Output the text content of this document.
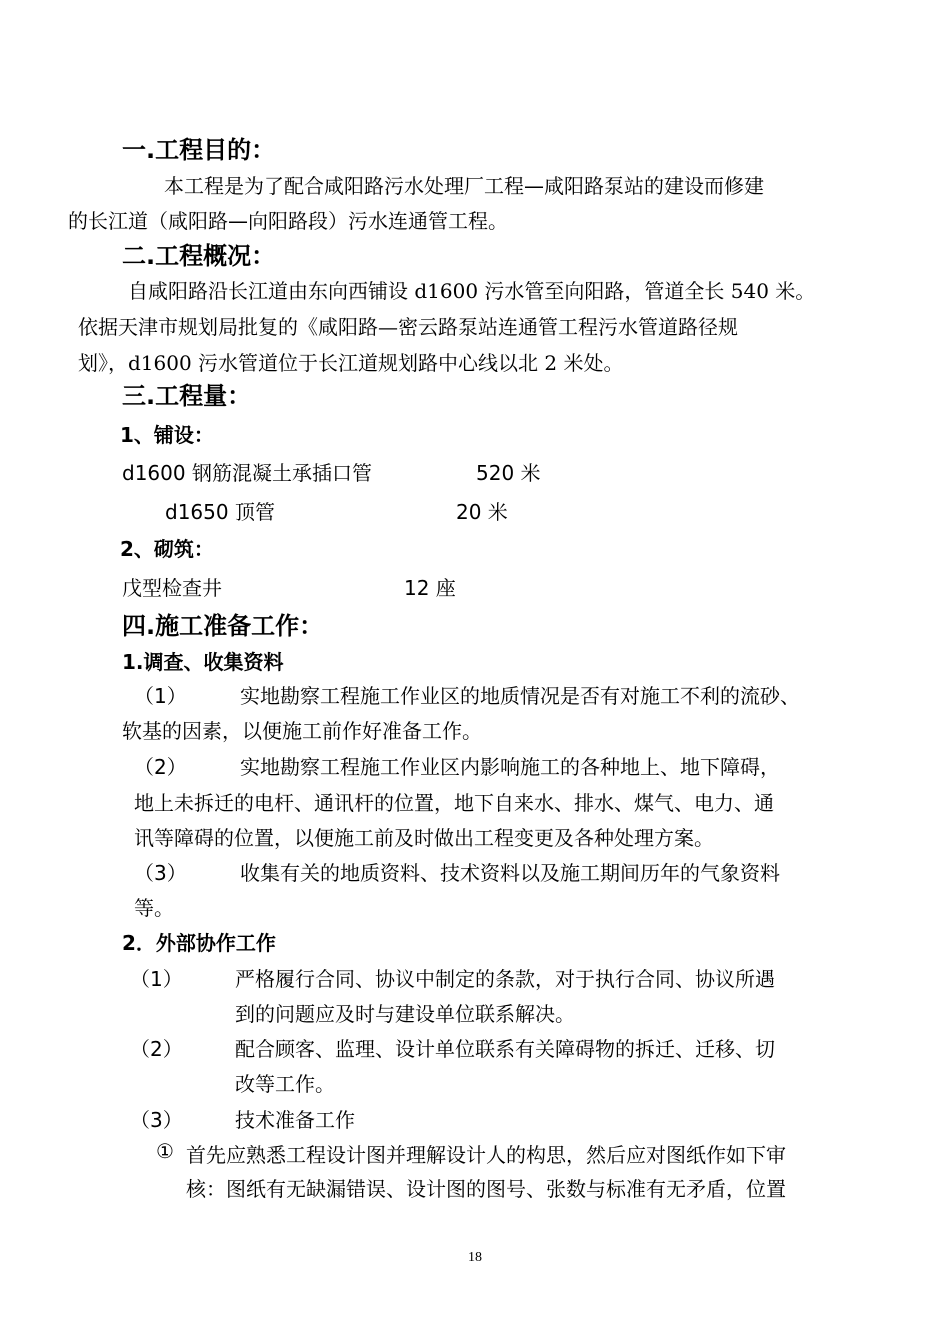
一.工程目的：
本工程是为了配合咸阳路污水处理厂工程—咸阳路泵站的建设而修建
的长江道（咸阳路—向阳路段）污水连通管工程。
二.工程概况：
自咸阳路沿长江道由东向西铺设 d1600 污水管至向阳路，管道全长 540 米。
依据天津市规划局批复的《咸阳路—密云路泵站连通管工程污水管道路径规
划》，d1600 污水管道位于长江道规划路中心线以北 2 米处。
三.工程量：
1、铺设：
d1600 钢筋混凝土承插口管	520 米
d1650 顶管	20 米
2、砌筑：
戊型检查井	12 座
四.施工准备工作：
1.调查、收集资料
（1）	实地勘察工程施工作业区的地质情况是否有对施工不利的流砂、
软基的因素，以便施工前作好准备工作。
（2）	实地勘察工程施工作业区内影响施工的各种地上、地下障碍，
地上未拆迁的电杆、通讯杆的位置，地下自来水、排水、煤气、电力、通
讯等障碍的位置，以便施工前及时做出工程变更及各种处理方案。
（3）	收集有关的地质资料、技术资料以及施工期间历年的气象资料
等。
2．外部协作工作
（1）	严格履行合同、协议中制定的条款，对于执行合同、协议所遇
到的问题应及时与建设单位联系解决。
（2）	配合顾客、监理、设计单位联系有关障碍物的拆迁、迁移、切
改等工作。
（3）	技术准备工作
① 首先应熟悉工程设计图并理解设计人的构思，然后应对图纸作如下审
核：图纸有无缺漏错误、设计图的图号、张数与标准有无矛盾，位置
18
